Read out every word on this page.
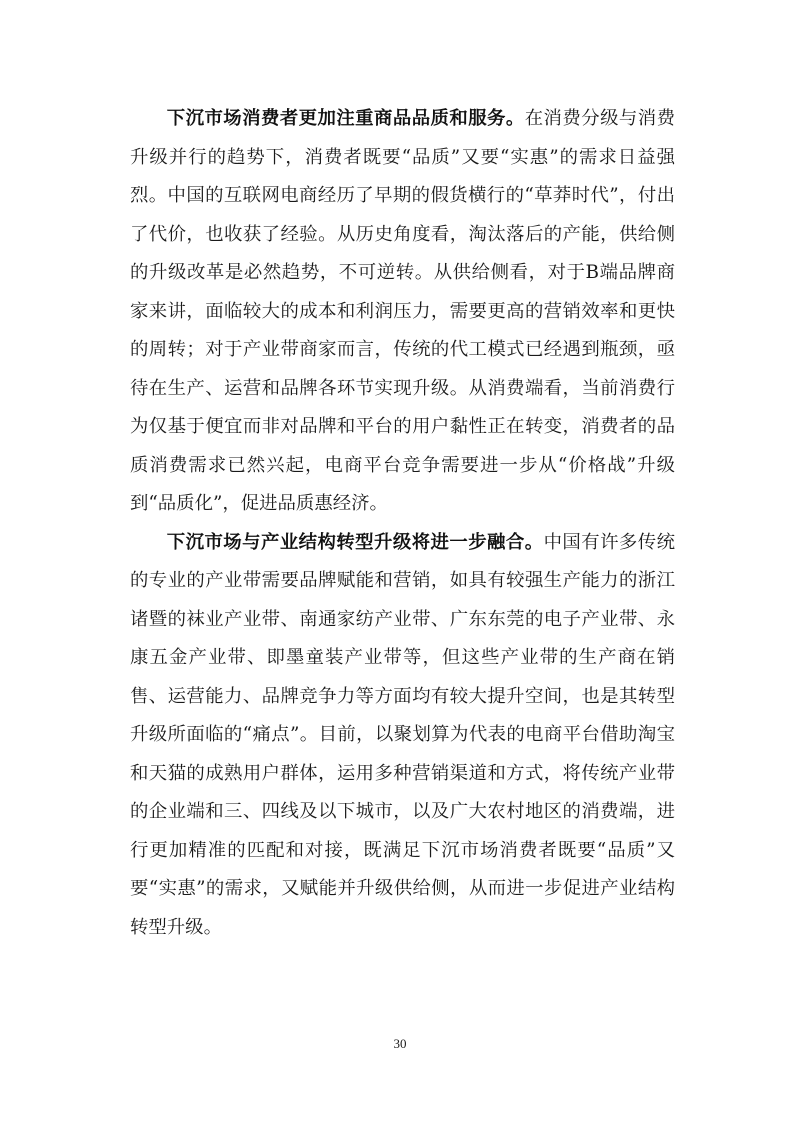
下沉市场消费者更加注重商品品质和服务。在消费分级与消费升级并行的趋势下，消费者既要“品质”又要“实惠”的需求日益强烈。中国的互联网电商经历了早期的假货横行的“草莽时代”，付出了代价，也收获了经验。从历史角度看，淘汰落后的产能，供给侧的升级改革是必然趋势，不可逆转。从供给侧看，对于B端品牌商家来讲，面临较大的成本和利润压力，需要更高的营销效率和更快的周转；对于产业带商家而言，传统的代工模式已经遇到瓶颈，亟待在生产、运营和品牌各环节实现升级。从消费端看，当前消费行为仅基于便宜而非对品牌和平台的用户黏性正在转变，消费者的品质消费需求已然兴起，电商平台竞争需要进一步从“价格战”升级到“品质化”，促进品质惠经济。

下沉市场与产业结构转型升级将进一步融合。中国有许多传统的专业的产业带需要品牌赋能和营销，如具有较强生产能力的浙江诸暨的袜业产业带、南通家纺产业带、广东东莞的电子产业带、永康五金产业带、即墨童装产业带等，但这些产业带的生产商在销售、运营能力、品牌竞争力等方面均有较大提升空间，也是其转型升级所面临的“痛点”。目前，以聚划算为代表的电商平台借助淘宝和天猫的成熟用户群体，运用多种营销渠道和方式，将传统产业带的企业端和三、四线及以下城市，以及广大农村地区的消费端，进行更加精准的匹配和对接，既满足下沉市场消费者既要“品质”又要“实惠”的需求，又赋能并升级供给侧，从而进一步促进产业结构转型升级。

30
